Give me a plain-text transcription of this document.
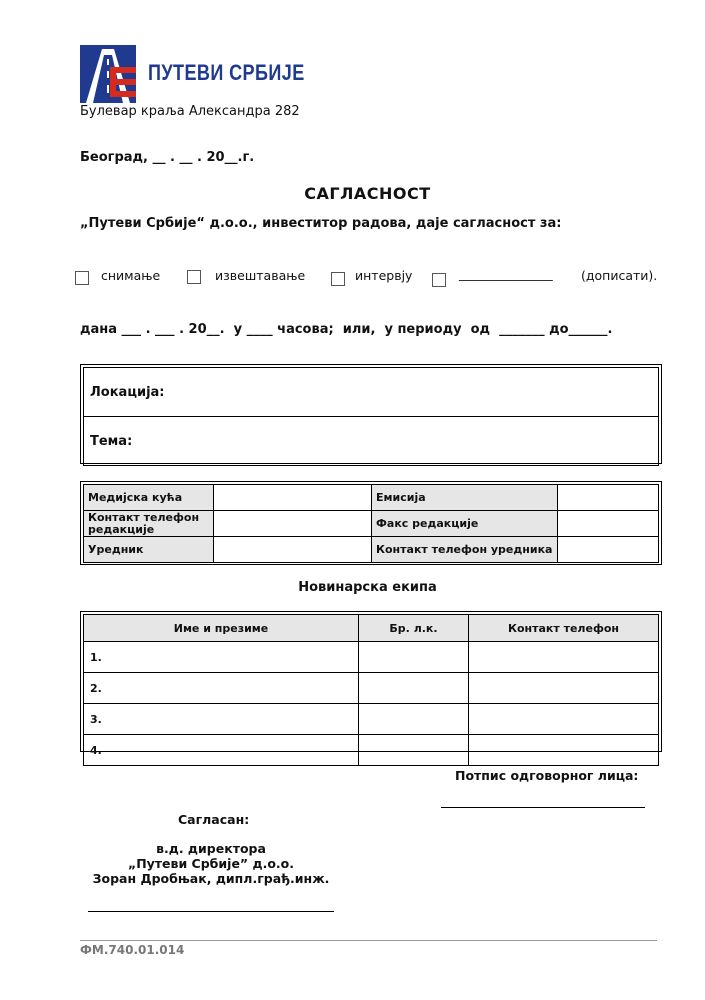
ПУТЕВИ СРБИЈЕ
Булевар краља Александра 282
Београд, __ . __ . 20__.г.
САГЛАСНОСТ
„Путеви Србије“ д.о.о., инвеститор радова, даје сагласност за:
снимање	извештавање	интервју	_______________ (дописати).
дана ___ . ___ . 20__.  у ____ часова;  или,  у периоду  од  _______ до______.
Локација:
Тема:
Медијска кућа		Емисија	
Контакт телефон редакције		Факс редакције	
Уредник		Контакт телефон уредника	
Новинарска екипа
Име и презиме	Бр. л.к.	Контакт телефон
1.		
2.		
3.		
4.		
Потпис одговорног лица:
Сагласан:
в.д. директора
„Путеви Србије” д.о.о.
Зоран Дробњак, дипл.грађ.инж.
ФМ.740.01.014
